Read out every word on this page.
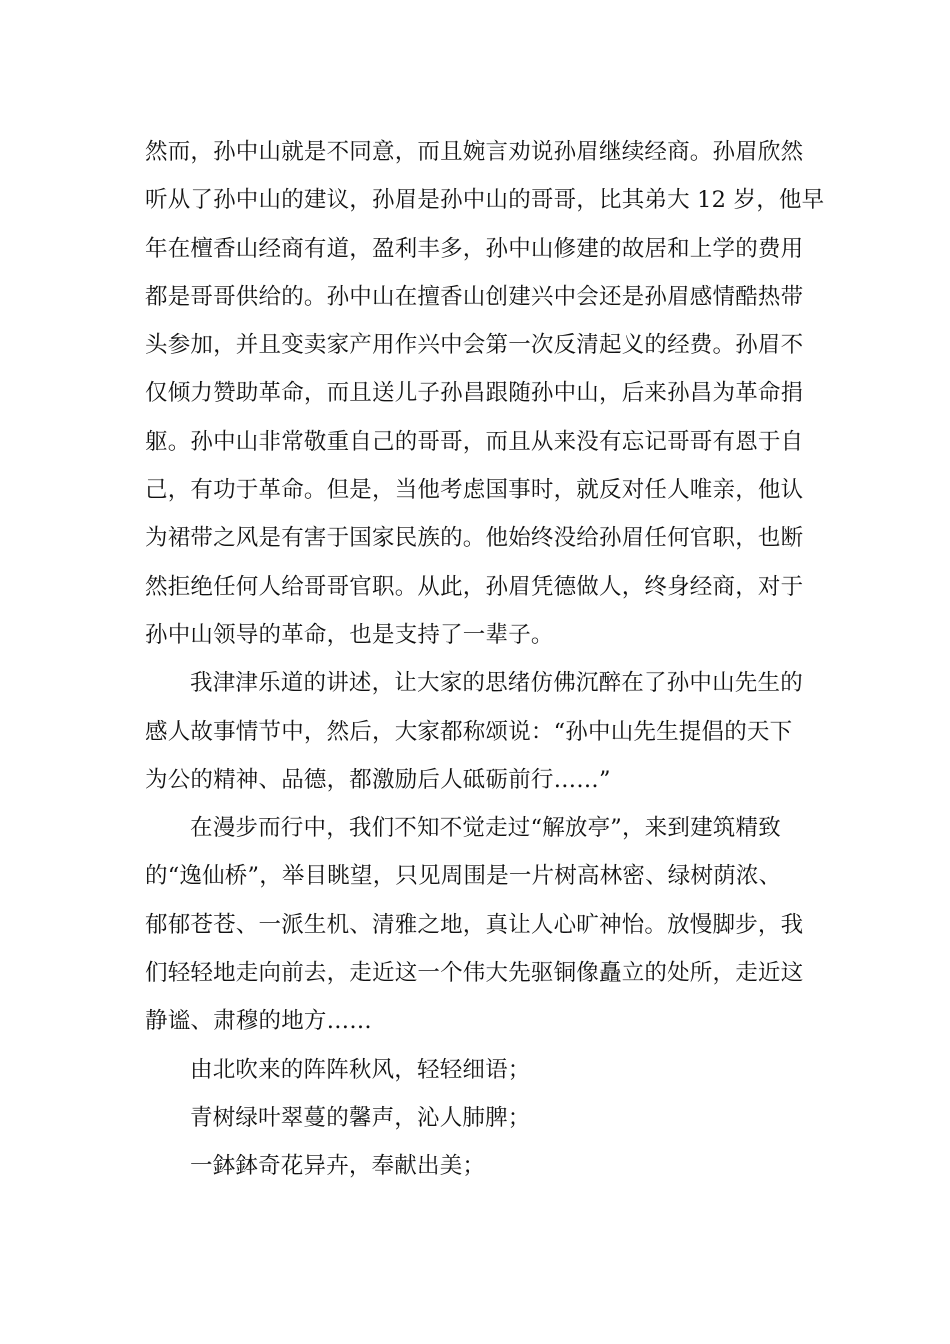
然而，孙中山就是不同意，而且婉言劝说孙眉继续经商。孙眉欣然
听从了孙中山的建议，孙眉是孙中山的哥哥，比其弟大 12 岁，他早
年在檀香山经商有道，盈利丰多，孙中山修建的故居和上学的费用
都是哥哥供给的。孙中山在擅香山创建兴中会还是孙眉感情酷热带
头参加，并且变卖家产用作兴中会第一次反清起义的经费。孙眉不
仅倾力赞助革命，而且送儿子孙昌跟随孙中山，后来孙昌为革命捐
躯。孙中山非常敬重自己的哥哥，而且从来没有忘记哥哥有恩于自
己，有功于革命。但是，当他考虑国事时，就反对任人唯亲，他认
为裙带之风是有害于国家民族的。他始终没给孙眉任何官职，也断
然拒绝任何人给哥哥官职。从此，孙眉凭德做人，终身经商，对于
孙中山领导的革命，也是支持了一辈子。
我津津乐道的讲述，让大家的思绪仿佛沉醉在了孙中山先生的
感人故事情节中，然后，大家都称颂说：“孙中山先生提倡的天下
为公的精神、品德，都激励后人砥砺前行……”
在漫步而行中，我们不知不觉走过“解放亭”，来到建筑精致
的“逸仙桥”，举目眺望，只见周围是一片树高林密、绿树荫浓、
郁郁苍苍、一派生机、清雅之地，真让人心旷神怡。放慢脚步，我
们轻轻地走向前去，走近这一个伟大先驱铜像矗立的处所，走近这
静谧、肃穆的地方……
由北吹来的阵阵秋风，轻轻细语；
青树绿叶翠蔓的馨声，沁人肺脾；
一鉢鉢奇花异卉，奉献出美；
